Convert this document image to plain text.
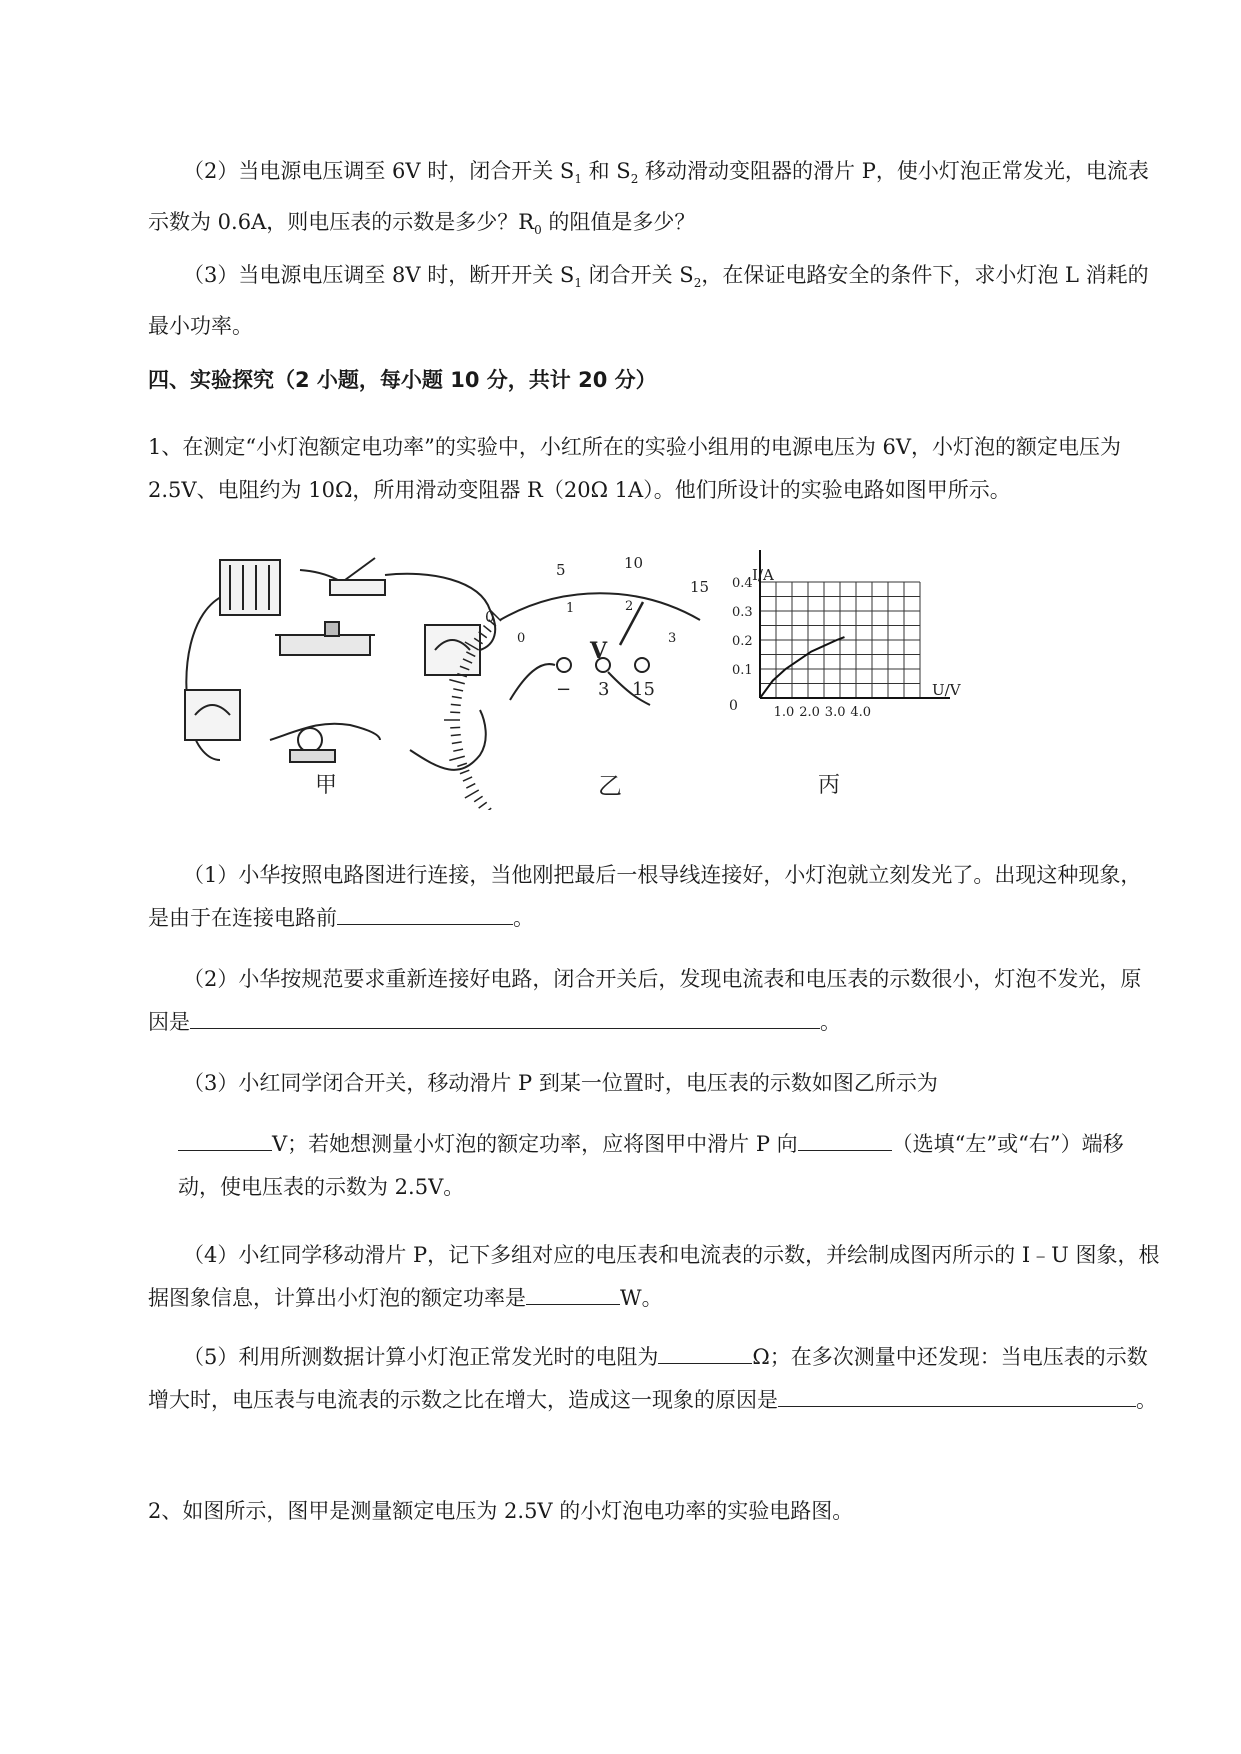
（2）当电源电压调至 6V 时，闭合开关 $S_1$ 和 $S_2$ 移动滑动变阻器的滑片 P，使小灯泡正常发光，电流表示数为 0.6A，则电压表的示数是多少？$R_0$ 的阻值是多少？

（3）当电源电压调至 8V 时，断开开关 $S_1$ 闭合开关 $S_2$，在保证电路安全的条件下，求小灯泡 L 消耗的最小功率。

四、实验探究（2 小题，每小题 10 分，共计 20 分）

1、在测定“小灯泡额定电功率”的实验中，小红所在的实验小组用的电源电压为 6V，小灯泡的额定电压为 2.5V、电阻约为 10Ω，所用滑动变阻器 R（20Ω 1A）。他们所设计的实验电路如图甲所示。

甲
5	10
15
0
0
1	2
3
V
− 3 15
乙
0.1
0.2
0.3
0.4
1.0 2.0 3.0 4.0
I/A
U/V
0
丙

（1）小华按照电路图进行连接，当他刚把最后一根导线连接好，小灯泡就立刻发光了。出现这种现象，是由于在连接电路前	。

（2）小华按规范要求重新连接好电路，闭合开关后，发现电流表和电压表的示数很小，灯泡不发光，原因是	。

（3）小红同学闭合开关，移动滑片 P 到某一位置时，电压表的示数如图乙所示为

V；若她想测量小灯泡的额定功率，应将图甲中滑片 P 向	（选填“左”或“右”）端移动，使电压表的示数为 2.5V。

（4）小红同学移动滑片 P，记下多组对应的电压表和电流表的示数，并绘制成图丙所示的 I﹣U 图象，根据图象信息，计算出小灯泡的额定功率是	W。

（5）利用所测数据计算小灯泡正常发光时的电阻为	Ω；在多次测量中还发现：当电压表的示数增大时，电压表与电流表的示数之比在增大，造成这一现象的原因是	。

2、如图所示，图甲是测量额定电压为 2.5V 的小灯泡电功率的实验电路图。
